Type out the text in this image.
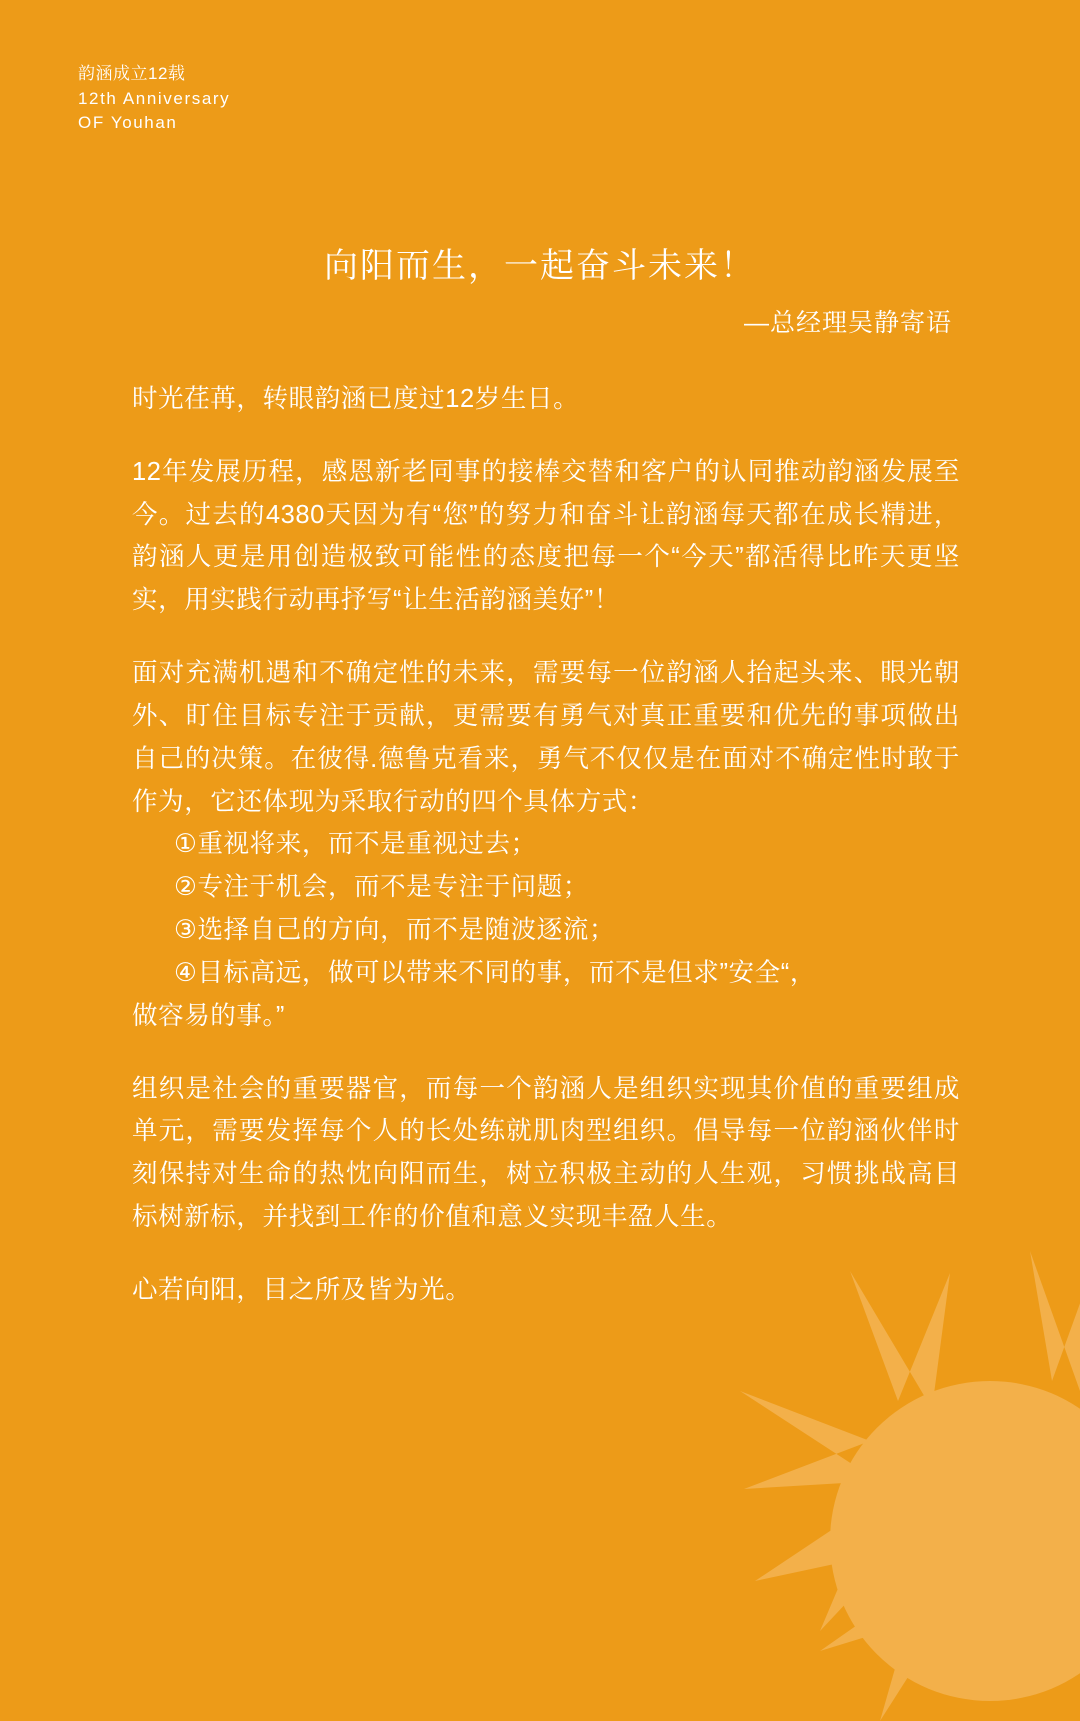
韵涵成立12载
12th Anniversary
OF Youhan
向阳而生，一起奋斗未来！
—总经理吴静寄语

时光荏苒，转眼韵涵已度过12岁生日。

12年发展历程，感恩新老同事的接棒交替和客户的认同推动韵涵发展至今。过去的4380天因为有“您”的努力和奋斗让韵涵每天都在成长精进，韵涵人更是用创造极致可能性的态度把每一个“今天”都活得比昨天更坚实，用实践行动再抒写“让生活韵涵美好”！

面对充满机遇和不确定性的未来，需要每一位韵涵人抬起头来、眼光朝外、盯住目标专注于贡献，更需要有勇气对真正重要和优先的事项做出自己的决策。在彼得.德鲁克看来，勇气不仅仅是在面对不确定性时敢于作为，它还体现为采取行动的四个具体方式：

①重视将来，而不是重视过去；

②专注于机会，而不是专注于问题；

③选择自己的方向，而不是随波逐流；

④目标高远，做可以带来不同的事，而不是但求”安全“，

做容易的事。”

组织是社会的重要器官，而每一个韵涵人是组织实现其价值的重要组成单元，需要发挥每个人的长处练就肌肉型组织。倡导每一位韵涵伙伴时刻保持对生命的热忱向阳而生，树立积极主动的人生观，习惯挑战高目标树新标，并找到工作的价值和意义实现丰盈人生。

心若向阳，目之所及皆为光。
